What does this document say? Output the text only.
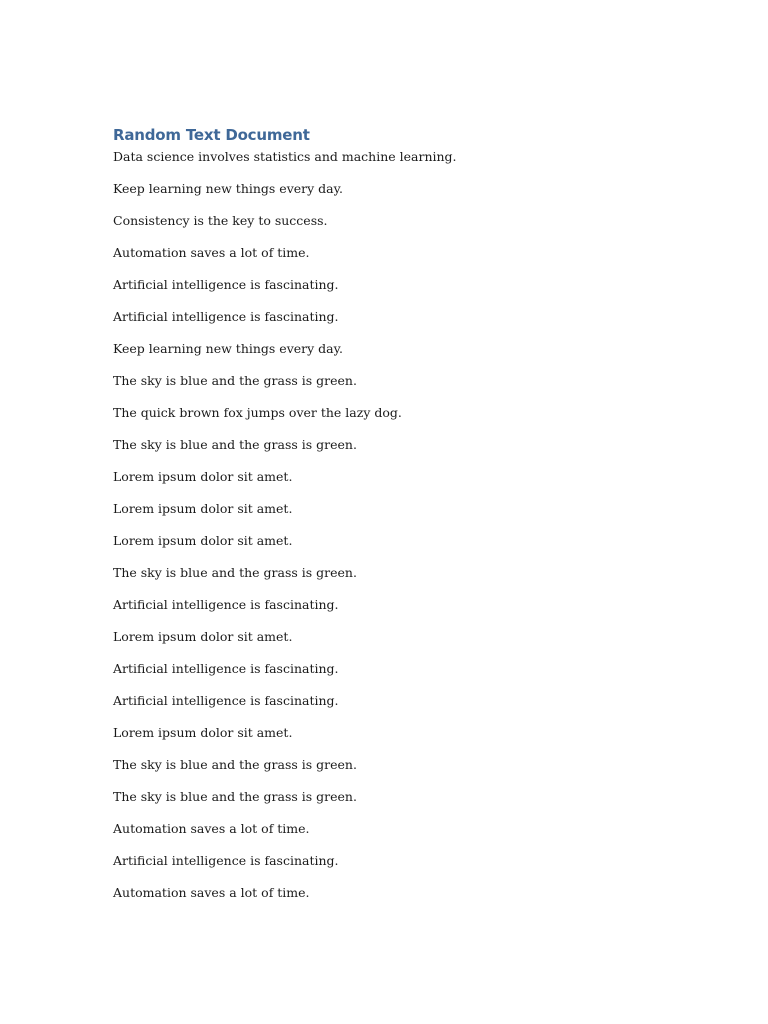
Random Text Document

Data science involves statistics and machine learning.

Keep learning new things every day.

Consistency is the key to success.

Automation saves a lot of time.

Artificial intelligence is fascinating.

Artificial intelligence is fascinating.

Keep learning new things every day.

The sky is blue and the grass is green.

The quick brown fox jumps over the lazy dog.

The sky is blue and the grass is green.

Lorem ipsum dolor sit amet.

Lorem ipsum dolor sit amet.

Lorem ipsum dolor sit amet.

The sky is blue and the grass is green.

Artificial intelligence is fascinating.

Lorem ipsum dolor sit amet.

Artificial intelligence is fascinating.

Artificial intelligence is fascinating.

Lorem ipsum dolor sit amet.

The sky is blue and the grass is green.

The sky is blue and the grass is green.

Automation saves a lot of time.

Artificial intelligence is fascinating.

Automation saves a lot of time.
